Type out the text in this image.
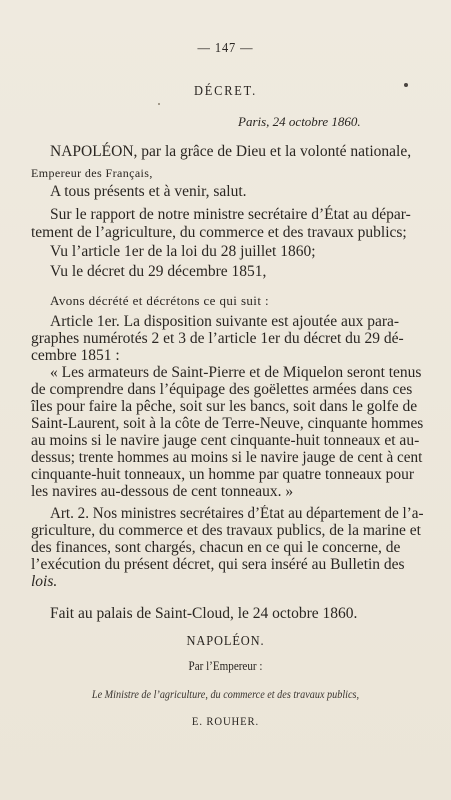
— 147 —
DÉCRET.
Paris, 24 octobre 1860.
NAPOLÉON, par la grâce de Dieu et la volonté nationale,
Empereur des Français,
A tous présents et à venir, salut.
Sur le rapport de notre ministre secrétaire d’État au dépar-
tement de l’agriculture, du commerce et des travaux publics;
Vu l’article 1er de la loi du 28 juillet 1860;
Vu le décret du 29 décembre 1851,
Avons décrété et décrétons ce qui suit :
Article 1er. La disposition suivante est ajoutée aux para-
graphes numérotés 2 et 3 de l’article 1er du décret du 29 dé-
cembre 1851 :
« Les armateurs de Saint-Pierre et de Miquelon seront tenus
de comprendre dans l’équipage des goëlettes armées dans ces
îles pour faire la pêche, soit sur les bancs, soit dans le golfe de
Saint-Laurent, soit à la côte de Terre-Neuve, cinquante hommes
au moins si le navire jauge cent cinquante-huit tonneaux et au-
dessus; trente hommes au moins si le navire jauge de cent à cent
cinquante-huit tonneaux, un homme par quatre tonneaux pour
les navires au-dessous de cent tonneaux. »
Art. 2. Nos ministres secrétaires d’État au département de l’a-
griculture, du commerce et des travaux publics, de la marine et
des finances, sont chargés, chacun en ce qui le concerne, de
l’exécution du présent décret, qui sera inséré au Bulletin des
lois.
Fait au palais de Saint-Cloud, le 24 octobre 1860.
NAPOLÉON.
Par l’Empereur :
Le Ministre de l’agriculture, du commerce et des travaux publics,
E. ROUHER.
